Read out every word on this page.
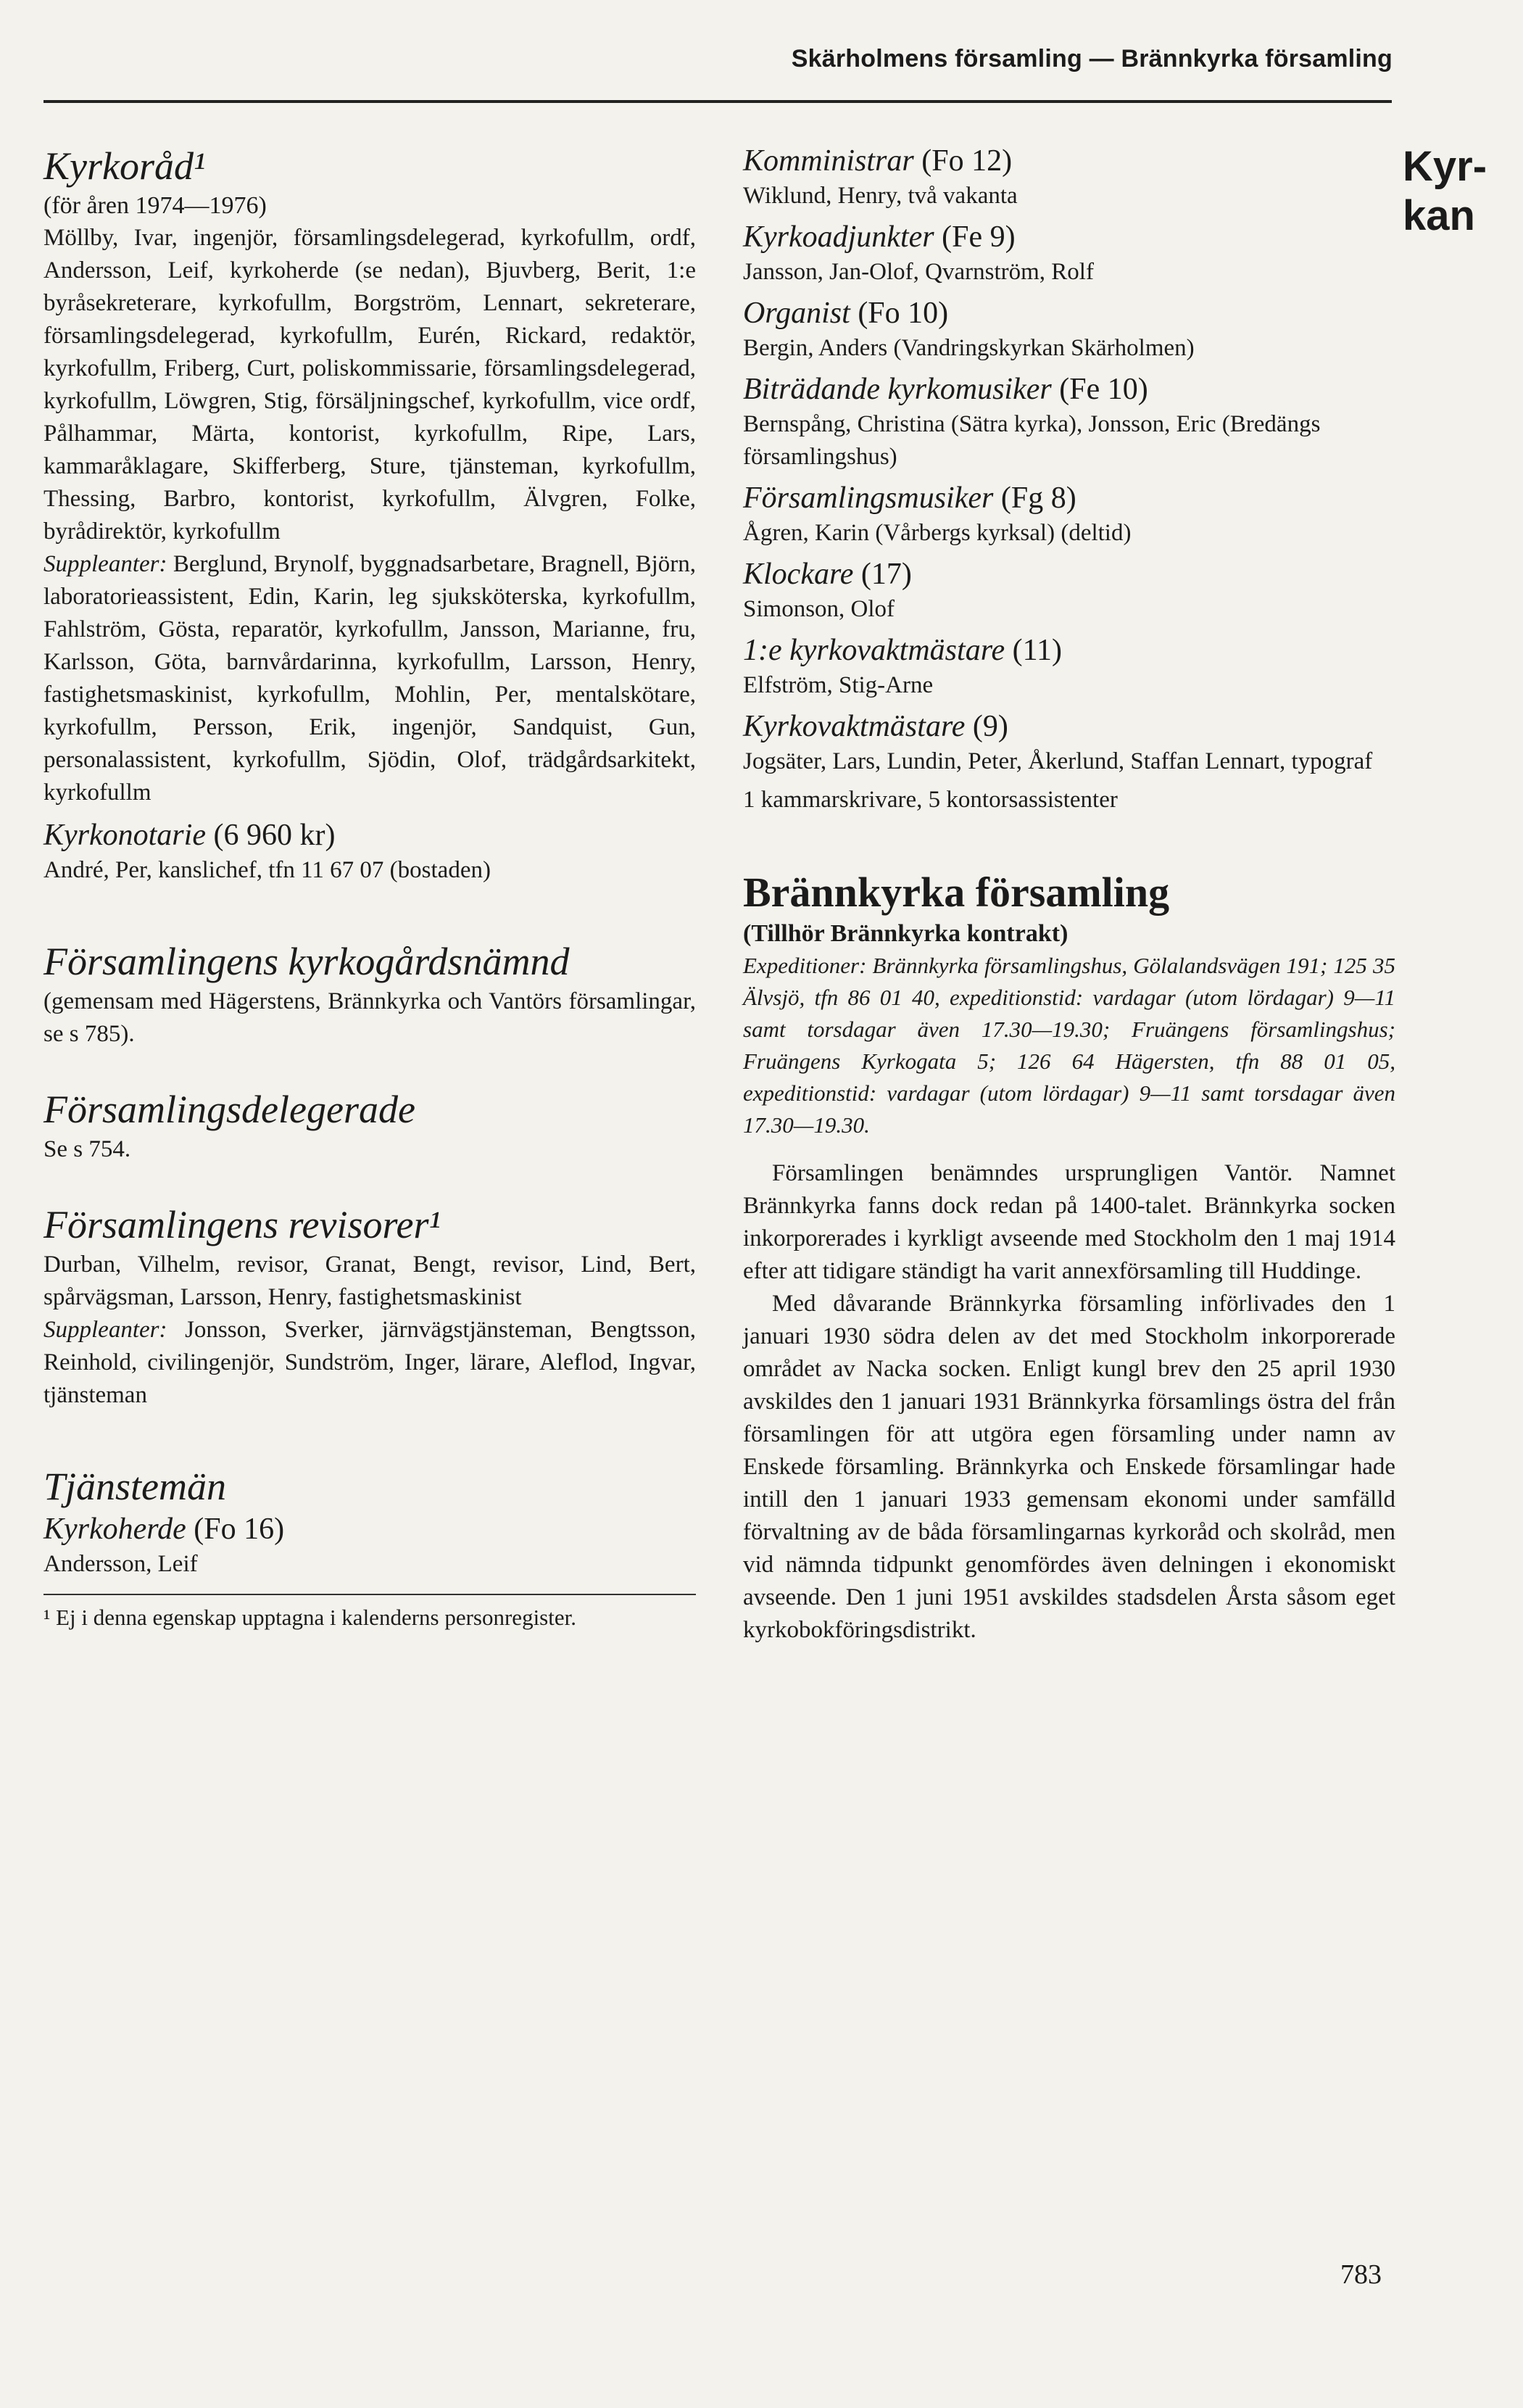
Skärholmens församling — Brännkyrka församling
Kyr-
kan

Kyrkoråd¹

(för åren 1974—1976)

Möllby, Ivar, ingenjör, församlingsdelegerad, kyrkofullm, ordf, Andersson, Leif, kyrkoherde (se nedan), Bjuvberg, Berit, 1:e byråsekreterare, kyrkofullm, Borgström, Lennart, sekreterare, församlingsdelegerad, kyrkofullm, Eurén, Rickard, redaktör, kyrkofullm, Friberg, Curt, poliskommissarie, församlingsdelegerad, kyrkofullm, Löwgren, Stig, försäljningschef, kyrkofullm, vice ordf, Pålhammar, Märta, kontorist, kyrkofullm, Ripe, Lars, kammaråklagare, Skifferberg, Sture, tjänsteman, kyrkofullm, Thessing, Barbro, kontorist, kyrkofullm, Älvgren, Folke, byrådirektör, kyrkofullm

Suppleanter: Berglund, Brynolf, byggnadsarbetare, Bragnell, Björn, laboratorieassistent, Edin, Karin, leg sjuksköterska, kyrkofullm, Fahlström, Gösta, reparatör, kyrkofullm, Jansson, Marianne, fru, Karlsson, Göta, barnvårdarinna, kyrkofullm, Larsson, Henry, fastighetsmaskinist, kyrkofullm, Mohlin, Per, mentalskötare, kyrkofullm, Persson, Erik, ingenjör, Sandquist, Gun, personalassistent, kyrkofullm, Sjödin, Olof, trädgårdsarkitekt, kyrkofullm

Kyrkonotarie (6 960 kr)

André, Per, kanslichef, tfn 11 67 07 (bostaden)

Församlingens kyrkogårdsnämnd

(gemensam med Hägerstens, Brännkyrka och Vantörs församlingar, se s 785).

Församlingsdelegerade

Se s 754.

Församlingens revisorer¹

Durban, Vilhelm, revisor, Granat, Bengt, revisor, Lind, Bert, spårvägsman, Larsson, Henry, fastighetsmaskinist

Suppleanter: Jonsson, Sverker, järnvägstjänsteman, Bengtsson, Reinhold, civilingenjör, Sundström, Inger, lärare, Aleflod, Ingvar, tjänsteman

Tjänstemän

Kyrkoherde (Fo 16)

Andersson, Leif

¹ Ej i denna egenskap upptagna i kalenderns personregister.

Komministrar (Fo 12)

Wiklund, Henry, två vakanta

Kyrkoadjunkter (Fe 9)

Jansson, Jan-Olof, Qvarnström, Rolf

Organist (Fo 10)

Bergin, Anders (Vandringskyrkan Skärholmen)

Biträdande kyrkomusiker (Fe 10)

Bernspång, Christina (Sätra kyrka), Jonsson, Eric (Bredängs församlingshus)

Församlingsmusiker (Fg 8)

Ågren, Karin (Vårbergs kyrksal) (deltid)

Klockare (17)

Simonson, Olof

1:e kyrkovaktmästare (11)

Elfström, Stig-Arne

Kyrkovaktmästare (9)

Jogsäter, Lars, Lundin, Peter, Åkerlund, Staffan Lennart, typograf

1 kammarskrivare, 5 kontorsassistenter

Brännkyrka församling

(Tillhör Brännkyrka kontrakt)

Expeditioner: Brännkyrka församlingshus, Gölalandsvägen 191; 125 35 Älvsjö, tfn 86 01 40, expeditionstid: vardagar (utom lördagar) 9—11 samt torsdagar även 17.30—19.30; Fruängens församlingshus; Fruängens Kyrkogata 5; 126 64 Hägersten, tfn 88 01 05, expeditionstid: vardagar (utom lördagar) 9—11 samt torsdagar även 17.30—19.30.

Församlingen benämndes ursprungligen Vantör. Namnet Brännkyrka fanns dock redan på 1400-talet. Brännkyrka socken inkorporerades i kyrkligt avseende med Stockholm den 1 maj 1914 efter att tidigare ständigt ha varit annexförsamling till Huddinge.

Med dåvarande Brännkyrka församling införlivades den 1 januari 1930 södra delen av det med Stockholm inkorporerade området av Nacka socken. Enligt kungl brev den 25 april 1930 avskildes den 1 januari 1931 Brännkyrka församlings östra del från församlingen för att utgöra egen församling under namn av Enskede församling. Brännkyrka och Enskede församlingar hade intill den 1 januari 1933 gemensam ekonomi under samfälld förvaltning av de båda församlingarnas kyrkoråd och skolråd, men vid nämnda tidpunkt genomfördes även delningen i ekonomiskt avseende. Den 1 juni 1951 avskildes stadsdelen Årsta såsom eget kyrkobokföringsdistrikt.

783
